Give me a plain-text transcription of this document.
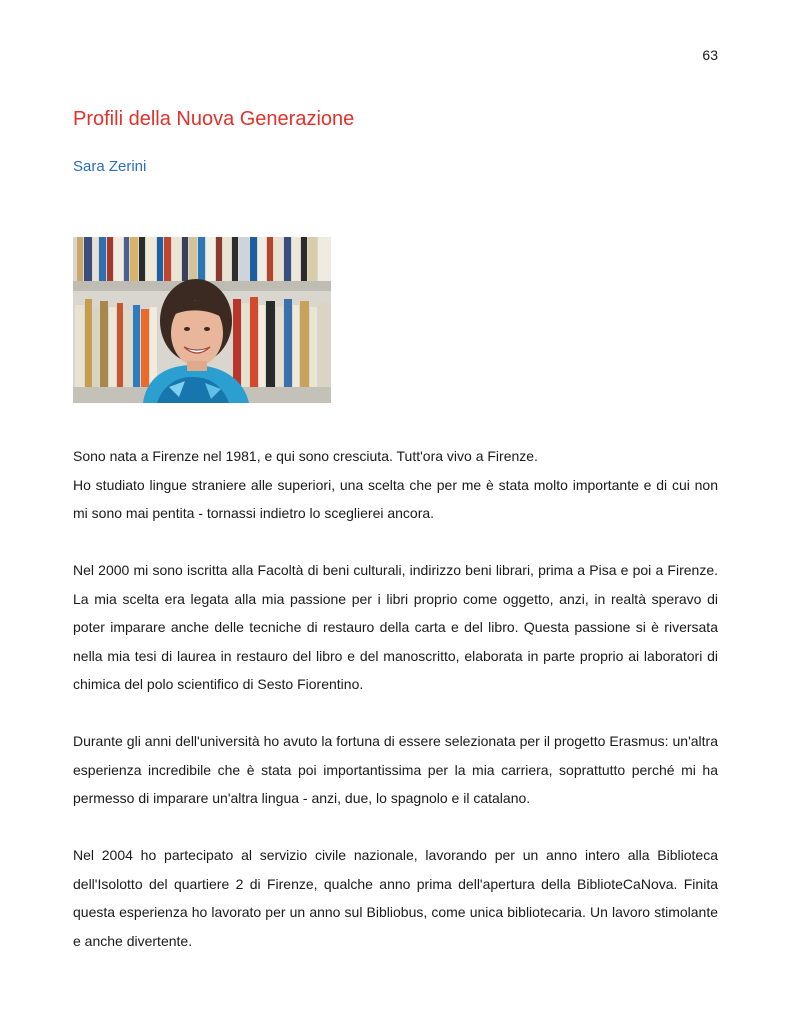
63
Profili della Nuova Generazione
Sara Zerini

Sono nata a Firenze nel 1981, e qui sono cresciuta. Tutt'ora vivo a Firenze.

Ho studiato lingue straniere alle superiori, una scelta che per me è stata molto importante e di cui non mi sono mai pentita - tornassi indietro lo sceglierei ancora.

Nel 2000 mi sono iscritta alla Facoltà di beni culturali, indirizzo beni librari, prima a Pisa e poi a Firenze. La mia scelta era legata alla mia passione per i libri proprio come oggetto, anzi, in realtà speravo di poter imparare anche delle tecniche di restauro della carta e del libro. Questa passione si è riversata nella mia tesi di laurea in restauro del libro e del manoscritto, elaborata in parte proprio ai laboratori di chimica del polo scientifico di Sesto Fiorentino.

Durante gli anni dell'università ho avuto la fortuna di essere selezionata per il progetto Erasmus: un'altra esperienza incredibile che è stata poi importantissima per la mia carriera, soprattutto perché mi ha permesso di imparare un'altra lingua - anzi, due, lo spagnolo e il catalano.

Nel 2004 ho partecipato al servizio civile nazionale, lavorando per un anno intero alla Biblioteca dell'Isolotto del quartiere 2 di Firenze, qualche anno prima dell'apertura della BiblioteCaNova. Finita questa esperienza ho lavorato per un anno sul Bibliobus, come unica bibliotecaria. Un lavoro stimolante e anche divertente.
